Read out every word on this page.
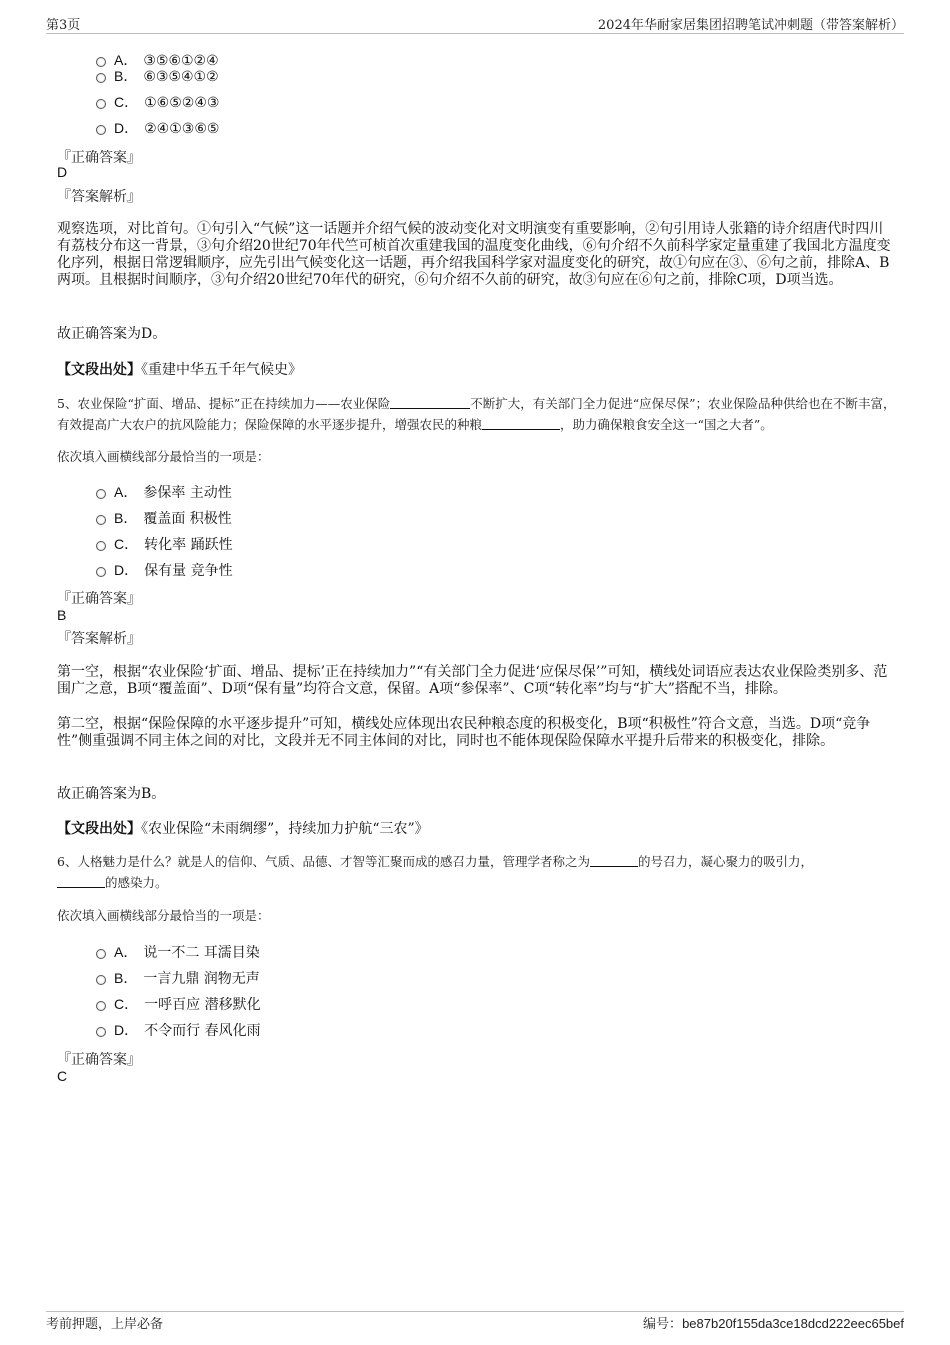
第3页	2024年华耐家居集团招聘笔试冲刺题（带答案解析）
A． ③⑤⑥①②④
B． ⑥③⑤④①②
C． ①⑥⑤②④③
D． ②④①③⑥⑤
『正确答案』
D
『答案解析』
观察选项，对比首句。①句引入“气候”这一话题并介绍气候的波动变化对文明演变有重要影响，②句引用诗人张籍的诗介绍唐代时四川有荔枝分布这一背景，③句介绍20世纪70年代竺可桢首次重建我国的温度变化曲线，⑥句介绍不久前科学家定量重建了我国北方温度变化序列，根据日常逻辑顺序，应先引出气候变化这一话题，再介绍我国科学家对温度变化的研究，故①句应在③、⑥句之前，排除A、B两项。且根据时间顺序，③句介绍20世纪70年代的研究，⑥句介绍不久前的研究，故③句应在⑥句之前，排除C项，D项当选。
故正确答案为D。
【文段出处】《重建中华五千年气候史》
5、农业保险“扩面、增品、提标”正在持续加力——农业保险	不断扩大，有关部门全力促进“应保尽保”；农业保险品种供给也在不断丰富，有效提高广大农户的抗风险能力；保险保障的水平逐步提升，增强农民的种粮	，助力确保粮食安全这一“国之大者”。
依次填入画横线部分最恰当的一项是：
A． 参保率 主动性
B． 覆盖面 积极性
C． 转化率 踊跃性
D． 保有量 竞争性
『正确答案』
B
『答案解析』
第一空，根据“农业保险‘扩面、增品、提标’正在持续加力”“有关部门全力促进‘应保尽保’”可知，横线处词语应表达农业保险类别多、范围广之意，B项“覆盖面”、D项“保有量”均符合文意，保留。A项“参保率”、C项“转化率”均与“扩大”搭配不当，排除。
第二空，根据“保险保障的水平逐步提升”可知，横线处应体现出农民种粮态度的积极变化，B项“积极性”符合文意，当选。D项“竞争性”侧重强调不同主体之间的对比，文段并无不同主体间的对比，同时也不能体现保险保障水平提升后带来的积极变化，排除。
故正确答案为B。
【文段出处】《农业保险“未雨绸缪”，持续加力护航“三农”》
6、人格魅力是什么？就是人的信仰、气质、品德、才智等汇聚而成的感召力量，管理学者称之为	的号召力，凝心聚力的吸引力，的感染力。
依次填入画横线部分最恰当的一项是：
A． 说一不二 耳濡目染
B． 一言九鼎 润物无声
C． 一呼百应 潜移默化
D． 不令而行 春风化雨
『正确答案』
C
考前押题，上岸必备	编号：be87b20f155da3ce18dcd222eec65bef
